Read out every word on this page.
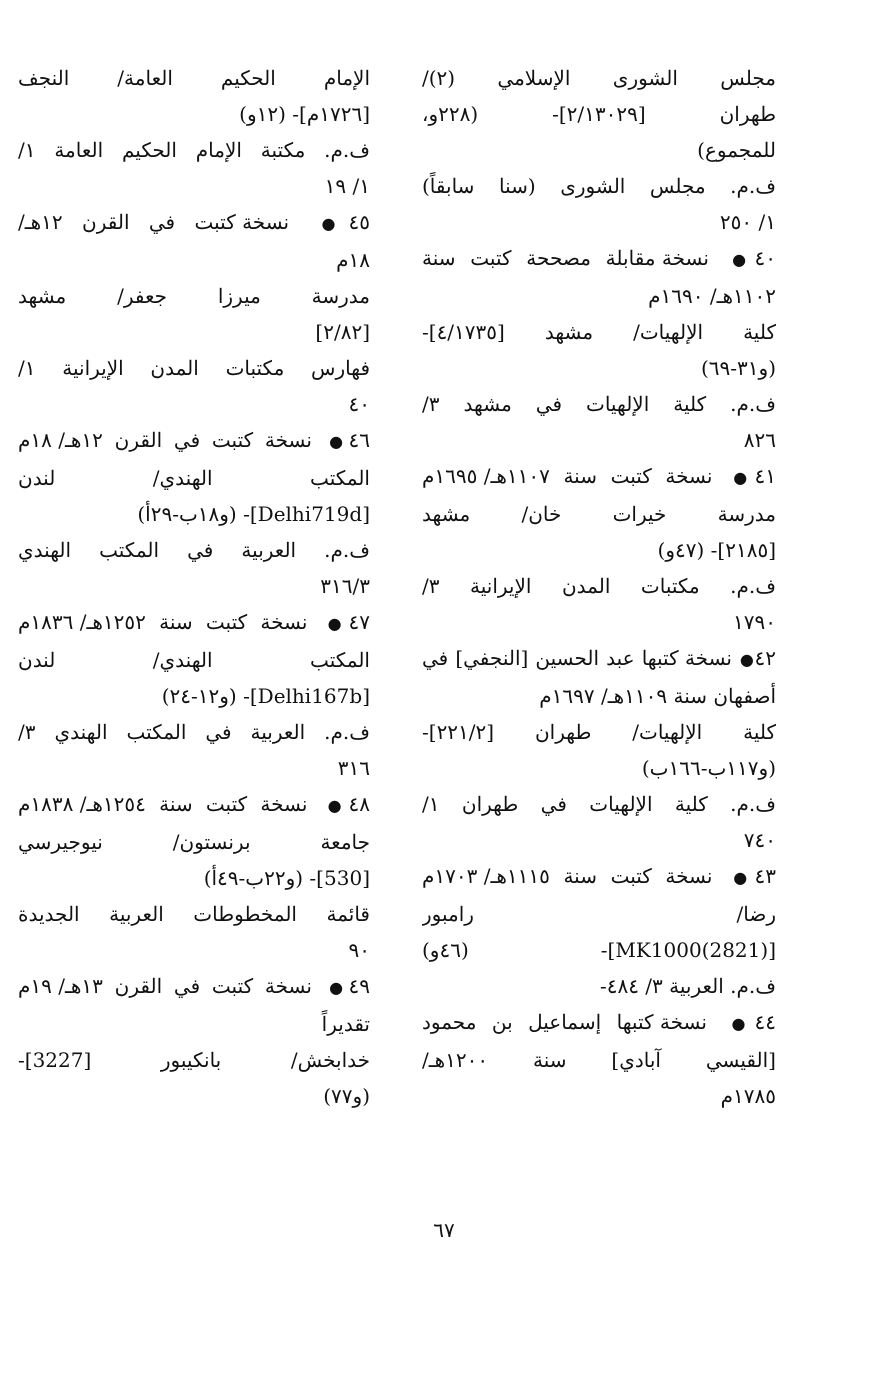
مجلس الشورى الإسلامي (٢)/
طهران [٢/١٣٠٢٩]- (٢٢٨و،
للمجموع)
ف.م. مجلس الشورى (سنا سابقاً)
١/ ٢٥٠
٤٠● نسخة مقابلة مصححة كتبت سنة
١١٠٢هـ/ ١٦٩٠م
كلية الإلهيات/ مشهد [٤/١٧٣٥]-
(و٣١-٦٩)
ف.م. كلية الإلهيات في مشهد ٣/
٨٢٦
٤١● نسخة كتبت سنة ١١٠٧هـ/ ١٦٩٥م
مدرسة خيرات خان/ مشهد
[٢١٨٥]- (٤٧و)
ف.م. مكتبات المدن الإيرانية ٣/
١٧٩٠
٤٢● نسخة كتبها عبد الحسين [النجفي] في
أصفهان سنة ١١٠٩هـ/ ١٦٩٧م
كلية الإلهيات/ طهران [٢٢١/٢]-
(و١١٧ب-١٦٦ب)
ف.م. كلية الإلهيات في طهران ١/
٧٤٠
٤٣● نسخة كتبت سنة ١١١٥هـ/ ١٧٠٣م
رضا/ رامبور
[MK1000(2821)]- (٤٦و)
ف.م. العربية ٣/ ٤٨٤-
٤٤● نسخة كتبها إسماعيل بن محمود
[القيسي آبادي] سنة ١٢٠٠هـ/
١٧٨٥م
الإمام الحكيم العامة/ النجف
[١٧٢٦م]- (١٢و)
ف.م. مكتبة الإمام الحكيم العامة ١/
١/ ١٩
٤٥● نسخة كتبت في القرن ١٢هـ/
١٨م
مدرسة ميرزا جعفر/ مشهد
[٢/٨٢]
فهارس مكتبات المدن الإيرانية ١/
٤٠
٤٦● نسخة كتبت في القرن ١٢هـ/ ١٨م
المكتب الهندي/ لندن
[Delhi719d]- (و١٨ب-٢٩أ)
ف.م. العربية في المكتب الهندي
٣١٦/٣
٤٧● نسخة كتبت سنة ١٢٥٢هـ/ ١٨٣٦م
المكتب الهندي/ لندن
[Delhi167b]- (و١٢-٢٤)
ف.م. العربية في المكتب الهندي ٣/
٣١٦
٤٨● نسخة كتبت سنة ١٢٥٤هـ/ ١٨٣٨م
جامعة برنستون/ نيوجيرسي
[530]- (و٢٢ب-٤٩أ)
قائمة المخطوطات العربية الجديدة
٩٠
٤٩● نسخة كتبت في القرن ١٣هـ/ ١٩م
تقديراً
خدابخش/ بانكيبور [3227]-
(و٧٧)
٦٧
